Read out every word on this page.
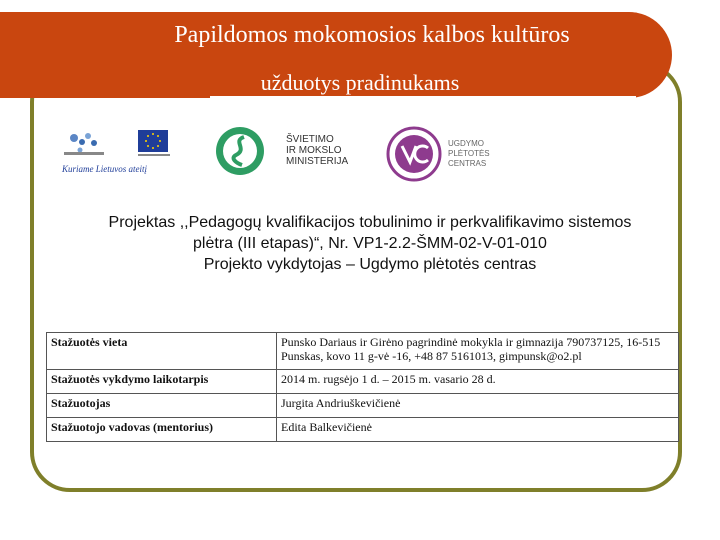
Papildomos mokomosios kalbos kultūros
užduotys pradinukams
Kuriame Lietuvos ateitį
ŠVIETIMO
IR MOKSLO
MINISTERIJA
UGDYMO
PLĖTOTĖS
CENTRAS
Projektas ,,Pedagogų kvalifikacijos tobulinimo ir perkvalifikavimo sistemos
plėtra (III etapas)“, Nr. VP1-2.2-ŠMM-02-V-01-010
Projekto vykdytojas – Ugdymo plėtotės centras
Stažuotės vieta	Punsko Dariaus ir Girėno pagrindinė mokykla ir gimnazija 790737125, 16-515
Punskas, kovo 11 g-vė -16, +48 87 5161013, gimpunsk@o2.pl

Stažuotės vykdymo laikotarpis	2014 m. rugsėjo 1 d. – 2015 m. vasario 28 d.
Stažuotojas	Jurgita Andriuškevičienė
Stažuotojo vadovas (mentorius)	Edita Balkevičienė
